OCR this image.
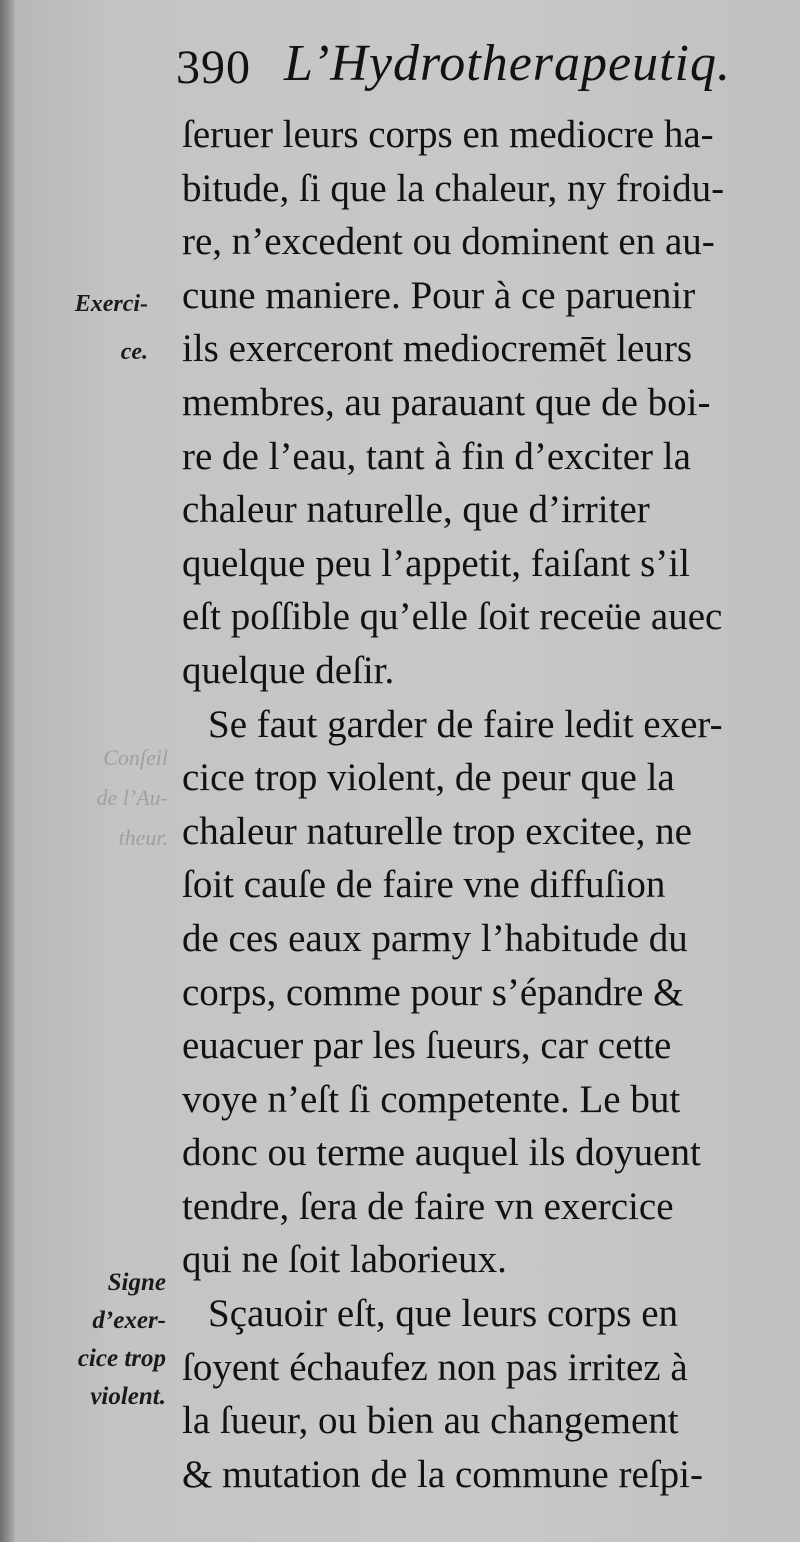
390 L’Hydrotherapeutiq.
Conſeil
de l’Au-
theur.
Exerci-
ce.
Signe
d’exer-
cice trop
violent.
ſeruer leurs corps en mediocre ha-
bitude, ſi que la chaleur, ny froidu-
re, n’excedent ou dominent en au-
cune maniere. Pour à ce paruenir
ils exerceront mediocremēt leurs
membres, au parauant que de boi-
re de l’eau, tant à fin d’exciter la
chaleur naturelle, que d’irriter
quelque peu l’appetit, faiſant s’il
eſt poſſible qu’elle ſoit receüe auec
quelque deſir.
Se faut garder de faire ledit exer-
cice trop violent, de peur que la
chaleur naturelle trop excitee, ne
ſoit cauſe de faire vne diffuſion
de ces eaux parmy l’habitude du
corps, comme pour s’épandre &
euacuer par les ſueurs, car cette
voye n’eſt ſi competente. Le but
donc ou terme auquel ils doyuent
tendre, ſera de faire vn exercice
qui ne ſoit laborieux.
Sçauoir eſt, que leurs corps en
ſoyent échaufez non pas irritez à
la ſueur, ou bien au changement
& mutation de la commune reſpi-
